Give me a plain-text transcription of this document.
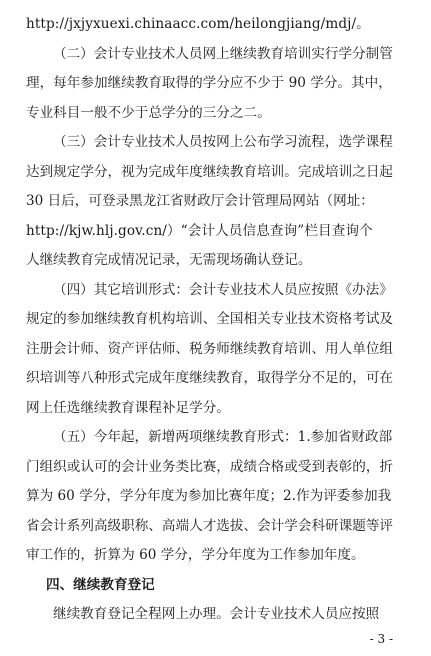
http://jxjyxuexi.chinaacc.com/heilongjiang/mdj/。
（二）会计专业技术人员网上继续教育培训实行学分制管
理，每年参加继续教育取得的学分应不少于 90 学分。其中，
专业科目一般不少于总学分的三分之二。
（三）会计专业技术人员按网上公布学习流程，选学课程
达到规定学分，视为完成年度继续教育培训。完成培训之日起
30 日后，可登录黑龙江省财政厅会计管理局网站（网址：
http://kjw.hlj.gov.cn/）“会计人员信息查询”栏目查询个
人继续教育完成情况记录，无需现场确认登记。
（四）其它培训形式：会计专业技术人员应按照《办法》
规定的参加继续教育机构培训、全国相关专业技术资格考试及
注册会计师、资产评估师、税务师继续教育培训、用人单位组
织培训等八种形式完成年度继续教育，取得学分不足的，可在
网上任选继续教育课程补足学分。
（五）今年起，新增两项继续教育形式：1.参加省财政部
门组织或认可的会计业务类比赛，成绩合格或受到表彰的，折
算为 60 学分，学分年度为参加比赛年度；2.作为评委参加我
省会计系列高级职称、高端人才选拔、会计学会科研课题等评
审工作的，折算为 60 学分，学分年度为工作参加年度。
四、继续教育登记
继续教育登记全程网上办理。会计专业技术人员应按照
- 3 -
